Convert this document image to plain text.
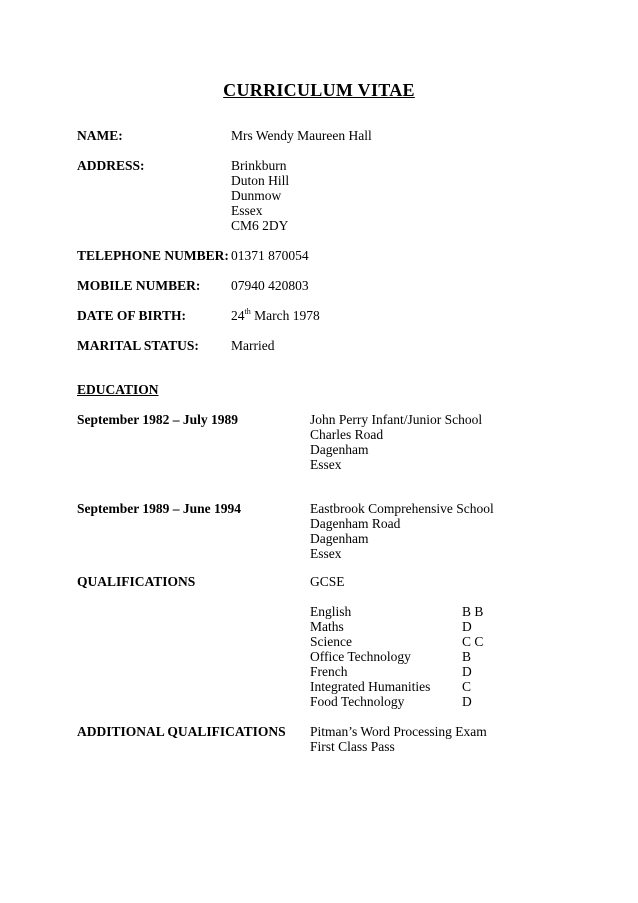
CURRICULUM VITAE
NAME:	Mrs Wendy Maureen Hall
ADDRESS:	Brinkburn
Duton Hill
Dunmow
Essex
CM6 2DY
TELEPHONE NUMBER: 01371 870054
MOBILE NUMBER: 07940 420803
DATE OF BIRTH:	24th March 1978
MARITAL STATUS: Married
EDUCATION
September 1982 – July 1989	John Perry Infant/Junior School
Charles Road
Dagenham
Essex
September 1989 – June 1994	Eastbrook Comprehensive School
Dagenham Road
Dagenham
Essex
QUALIFICATIONS	GCSE
English	B B
Maths	D
Science	C C
Office Technology	B
French	D
Integrated Humanities C
Food Technology	D
ADDITIONAL QUALIFICATIONS Pitman’s Word Processing Exam
First Class Pass
